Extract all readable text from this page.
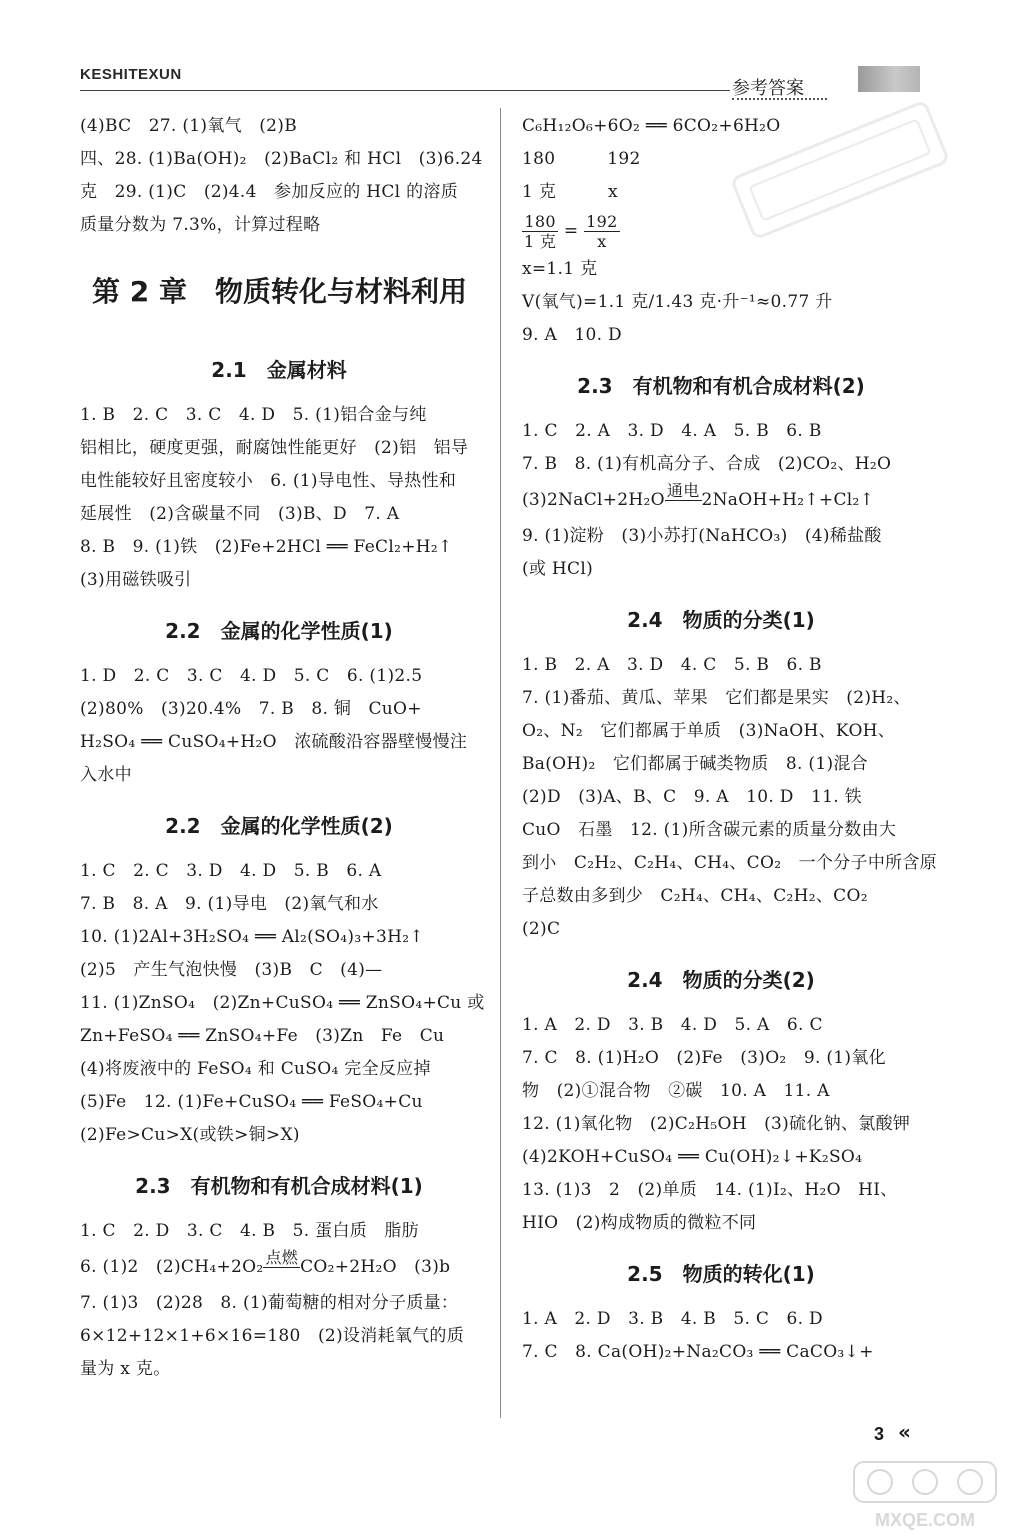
KESHITEXUN
参考答案
(4)BC　27. (1)氧气　(2)B
四、28. (1)Ba(OH)₂　(2)BaCl₂ 和 HCl　(3)6.24
克　29. (1)C　(2)4.4　参加反应的 HCl 的溶质
质量分数为 7.3%，计算过程略
第 2 章　物质转化与材料利用
2.1　金属材料
1. B　2. C　3. C　4. D　5. (1)铝合金与纯
铝相比，硬度更强，耐腐蚀性能更好　(2)铝　铝导
电性能较好且密度较小　6. (1)导电性、导热性和
延展性　(2)含碳量不同　(3)B、D　7. A
8. B　9. (1)铁　(2)Fe+2HCl ══ FeCl₂+H₂↑
(3)用磁铁吸引
2.2　金属的化学性质(1)
1. D　2. C　3. C　4. D　5. C　6. (1)2.5
(2)80%　(3)20.4%　7. B　8. 铜　CuO+
H₂SO₄ ══ CuSO₄+H₂O　浓硫酸沿容器壁慢慢注
入水中
2.2　金属的化学性质(2)
1. C　2. C　3. D　4. D　5. B　6. A
7. B　8. A　9. (1)导电　(2)氧气和水
10. (1)2Al+3H₂SO₄ ══ Al₂(SO₄)₃+3H₂↑
(2)5　产生气泡快慢　(3)B　C　(4)—
11. (1)ZnSO₄　(2)Zn+CuSO₄ ══ ZnSO₄+Cu 或
Zn+FeSO₄ ══ ZnSO₄+Fe　(3)Zn　Fe　Cu
(4)将废液中的 FeSO₄ 和 CuSO₄ 完全反应掉
(5)Fe　12. (1)Fe+CuSO₄ ══ FeSO₄+Cu
(2)Fe>Cu>X(或铁>铜>X)
2.3　有机物和有机合成材料(1)
1. C　2. D　3. C　4. B　5. 蛋白质　脂肪
6. (1)2　(2)CH₄+2O₂ 点燃 CO₂+2H₂O　(3)b
7. (1)3　(2)28　8. (1)葡萄糖的相对分子质量：
6×12+12×1+6×16=180　(2)设消耗氧气的质
量为 x 克。
C₆H₁₂O₆+6O₂ ══ 6CO₂+6H₂O
180　　　192
1 克　　　x
$\frac{180}{\text{1 克}} = \frac{192}{x}$
x=1.1 克
V(氧气)=1.1 克/1.43 克·升⁻¹≈0.77 升
9. A　10. D
2.3　有机物和有机合成材料(2)
1. C　2. A　3. D　4. A　5. B　6. B
7. B　8. (1)有机高分子、合成　(2)CO₂、H₂O
(3)2NaCl+2H₂O 通电 2NaOH+H₂↑+Cl₂↑
9. (1)淀粉　(3)小苏打(NaHCO₃)　(4)稀盐酸
(或 HCl)
2.4　物质的分类(1)
1. B　2. A　3. D　4. C　5. B　6. B
7. (1)番茄、黄瓜、苹果　它们都是果实　(2)H₂、
O₂、N₂　它们都属于单质　(3)NaOH、KOH、
Ba(OH)₂　它们都属于碱类物质　8. (1)混合
(2)D　(3)A、B、C　9. A　10. D　11. 铁
CuO　石墨　12. (1)所含碳元素的质量分数由大
到小　C₂H₂、C₂H₄、CH₄、CO₂　一个分子中所含原
子总数由多到少　C₂H₄、CH₄、C₂H₂、CO₂
(2)C
2.4　物质的分类(2)
1. A　2. D　3. B　4. D　5. A　6. C
7. C　8. (1)H₂O　(2)Fe　(3)O₂　9. (1)氧化
物　(2)①混合物　②碳　10. A　11. A
12. (1)氧化物　(2)C₂H₅OH　(3)硫化钠、氯酸钾
(4)2KOH+CuSO₄ ══ Cu(OH)₂↓+K₂SO₄
13. (1)3　2　(2)单质　14. (1)I₂、H₂O　HI、
HIO　(2)构成物质的微粒不同
2.5　物质的转化(1)
1. A　2. D　3. B　4. B　5. C　6. D
7. C　8. Ca(OH)₂+Na₂CO₃ ══ CaCO₃↓+
3 «
MXQE.COM
